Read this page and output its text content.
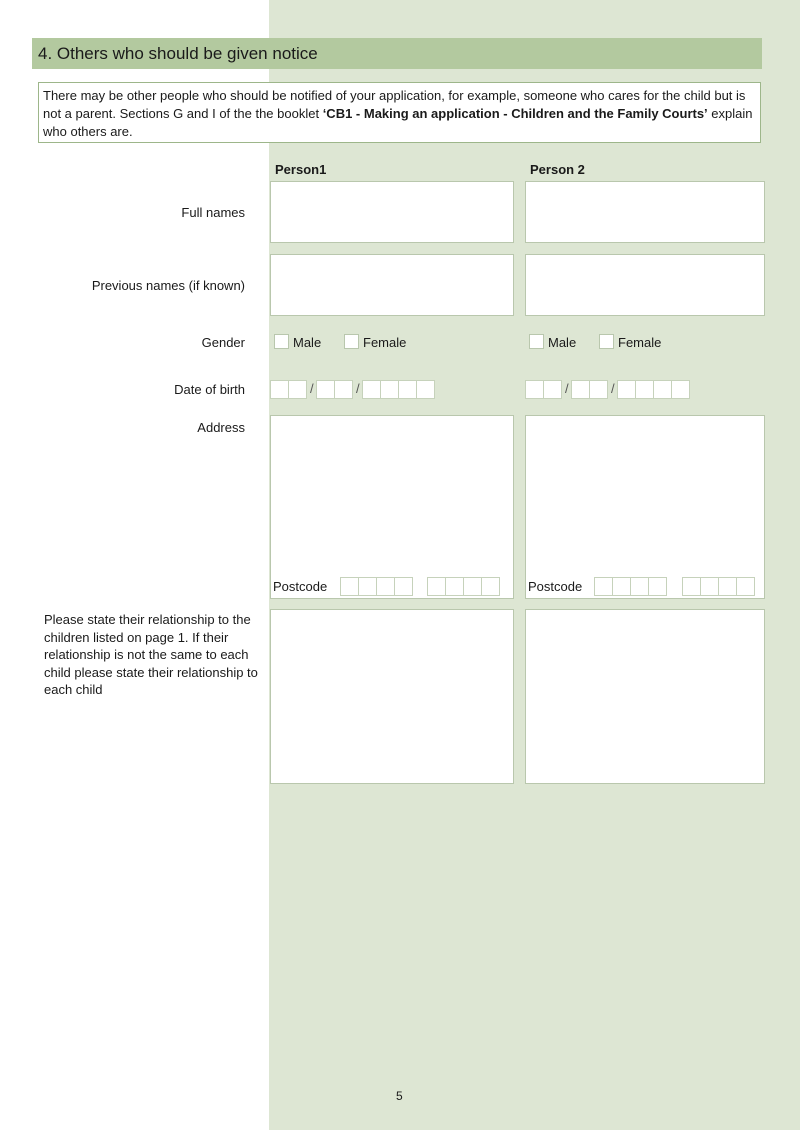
4. Others who should be given notice
There may be other people who should be notified of your application, for example, someone who cares for the child but is not a parent. Sections G and I of the the booklet ‘CB1 - Making an application - Children and the Family Courts’ explain who others are.
Person1	Person 2
Full names
Previous names (if known)
Gender	Male	Female	Male	Female
Date of birth	/	/	/	/
Address
Postcode	Postcode
Please state their relationship to the children listed on page 1. If their relationship is not the same to each child please state their relationship to each child
5
